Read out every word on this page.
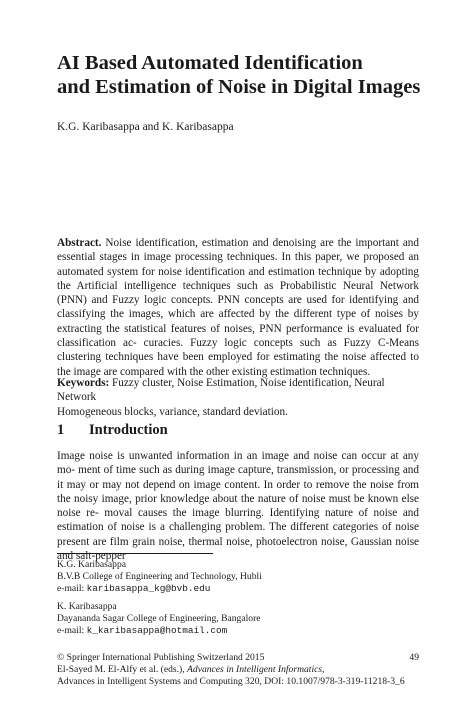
AI Based Automated Identification
and Estimation of Noise in Digital Images
K.G. Karibasappa and K. Karibasappa

Abstract. Noise identification, estimation and denoising are the important and essential stages in image processing techniques. In this paper, we proposed an automated system for noise identification and estimation technique by adopting the Artificial intelligence techniques such as Probabilistic Neural Network (PNN) and Fuzzy logic concepts. PNN concepts are used for identifying and classifying the images, which are affected by the different type of noises by extracting the statistical features of noises, PNN performance is evaluated for classification ac- curacies. Fuzzy logic concepts such as Fuzzy C-Means clustering techniques have been employed for estimating the noise affected to the image are compared with the other existing estimation techniques.

Keywords: Fuzzy cluster, Noise Estimation, Noise identification, Neural Network
Homogeneous blocks, variance, standard deviation.

1 Introduction

Image noise is unwanted information in an image and noise can occur at any mo- ment of time such as during image capture, transmission, or processing and it may or may not depend on image content. In order to remove the noise from the noisy image, prior knowledge about the nature of noise must be known else noise re- moval causes the image blurring. Identifying nature of noise and estimation of noise is a challenging problem. The different categories of noise present are film grain noise, thermal noise, photoelectron noise, Gaussian noise and salt-pepper

K.G. Karibasappa
B.V.B College of Engineering and Technology, Hubli
e-mail: karibasappa_kg@bvb.edu
K. Karibasappa
Dayananda Sagar College of Engineering, Bangalore
e-mail: k_karibasappa@hotmail.com
© Springer International Publishing Switzerland 2015	49
El-Sayed M. El-Alfy et al. (eds.), Advances in Intelligent Informatics,
Advances in Intelligent Systems and Computing 320, DOI: 10.1007/978-3-319-11218-3_6
